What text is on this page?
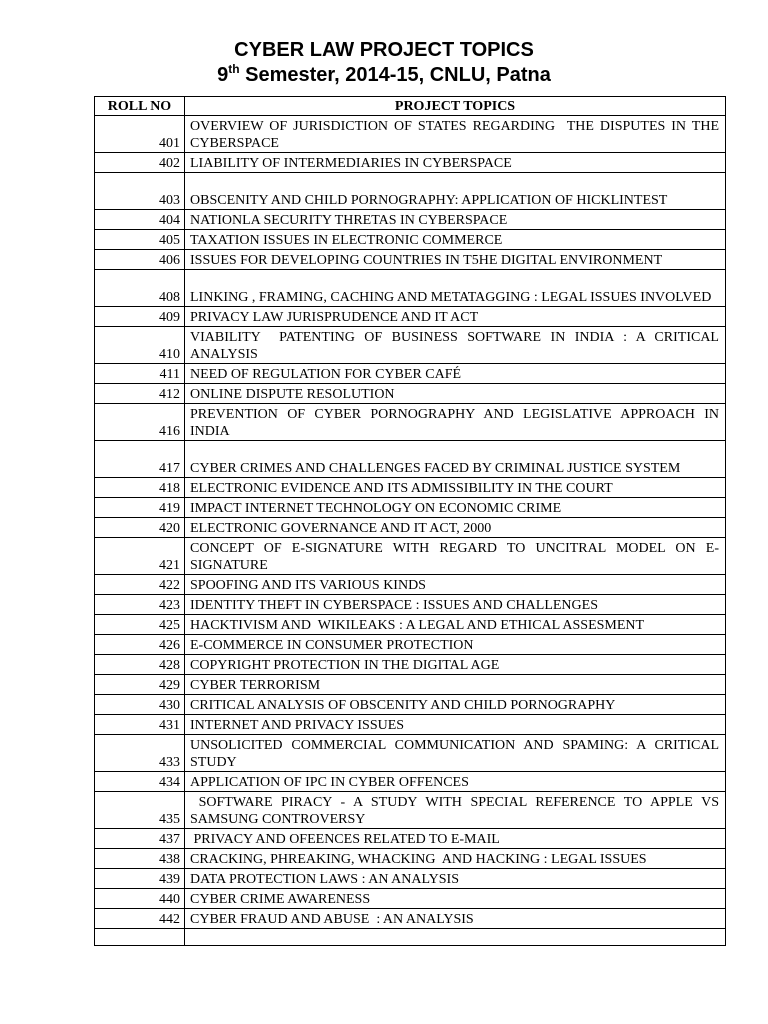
CYBER LAW PROJECT TOPICS
9th Semester, 2014-15, CNLU, Patna
ROLL NO	PROJECT TOPICS
401	OVERVIEW OF JURISDICTION OF STATES REGARDING  THE DISPUTES IN THE  CYBERSPACE
402	LIABILITY OF INTERMEDIARIES IN CYBERSPACE
403	OBSCENITY AND CHILD PORNOGRAPHY: APPLICATION OF HICKLINTEST
404	NATIONLA SECURITY THRETAS IN CYBERSPACE
405	TAXATION ISSUES IN ELECTRONIC COMMERCE
406	ISSUES FOR DEVELOPING COUNTRIES IN T5HE DIGITAL ENVIRONMENT
408	LINKING , FRAMING, CACHING AND METATAGGING : LEGAL ISSUES INVOLVED
409	PRIVACY LAW JURISPRUDENCE AND IT ACT
410	VIABILITY  PATENTING OF BUSINESS SOFTWARE IN INDIA : A CRITICAL ANALYSIS
411	NEED OF REGULATION FOR CYBER CAFÉ
412	ONLINE DISPUTE RESOLUTION
416	PREVENTION OF CYBER PORNOGRAPHY AND LEGISLATIVE APPROACH IN INDIA
417	CYBER CRIMES AND CHALLENGES FACED BY CRIMINAL JUSTICE SYSTEM
418	ELECTRONIC EVIDENCE AND ITS ADMISSIBILITY IN THE COURT
419	IMPACT INTERNET TECHNOLOGY ON ECONOMIC CRIME
420	ELECTRONIC GOVERNANCE AND IT ACT, 2000
421	CONCEPT OF E-SIGNATURE WITH REGARD TO UNCITRAL MODEL ON E-SIGNATURE
422	SPOOFING AND ITS VARIOUS KINDS
423	IDENTITY THEFT IN CYBERSPACE : ISSUES AND CHALLENGES
425	HACKTIVISM AND  WIKILEAKS : A LEGAL AND ETHICAL ASSESMENT
426	E-COMMERCE IN CONSUMER PROTECTION
428	COPYRIGHT PROTECTION IN THE DIGITAL AGE
429	CYBER TERRORISM
430	CRITICAL ANALYSIS OF OBSCENITY AND CHILD PORNOGRAPHY
431	INTERNET AND PRIVACY ISSUES
433	UNSOLICITED COMMERCIAL COMMUNICATION AND SPAMING: A CRITICAL STUDY
434	APPLICATION OF IPC IN CYBER OFFENCES
435	SOFTWARE PIRACY - A STUDY WITH SPECIAL REFERENCE TO APPLE VS SAMSUNG CONTROVERSY
437	PRIVACY AND OFEENCES RELATED TO E-MAIL
438	CRACKING, PHREAKING, WHACKING  AND HACKING : LEGAL ISSUES
439	DATA PROTECTION LAWS : AN ANALYSIS
440	CYBER CRIME AWARENESS
442	CYBER FRAUD AND ABUSE  : AN ANALYSIS
